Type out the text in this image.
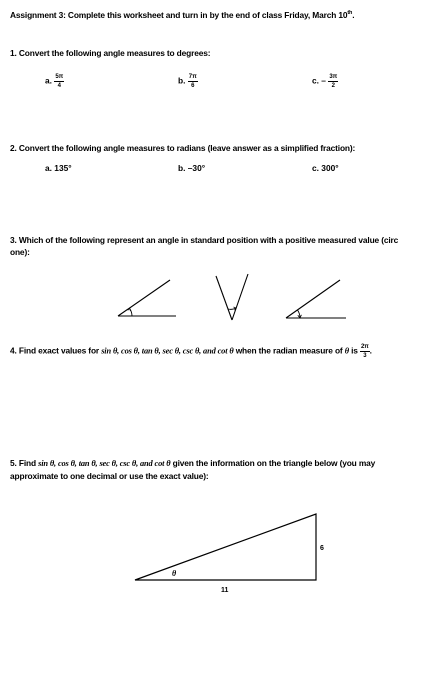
Assignment 3: Complete this worksheet and turn in by the end of class Friday, March 10th.
1. Convert the following angle measures to degrees:
a. $\frac{5\pi}{4}$	b. $\frac{7\pi}{6}$	c. – $\frac{3\pi}{2}$
2. Convert the following angle measures to radians (leave answer as a simplified fraction):
a. 135°	b. –30°	c. 300°
3. Which of the following represent an angle in standard position with a positive measured value (circ
one):
4. Find exact values for sin θ, cos θ, tan θ, sec θ, csc θ, and cot θ when the radian measure of θ is $\frac{2\pi}{3}$ .
5. Find sin θ, cos θ, tan θ, sec θ, csc θ, and cot θ given the information on the triangle below (you may
approximate to one decimal or use the exact value):
θ
6
11
